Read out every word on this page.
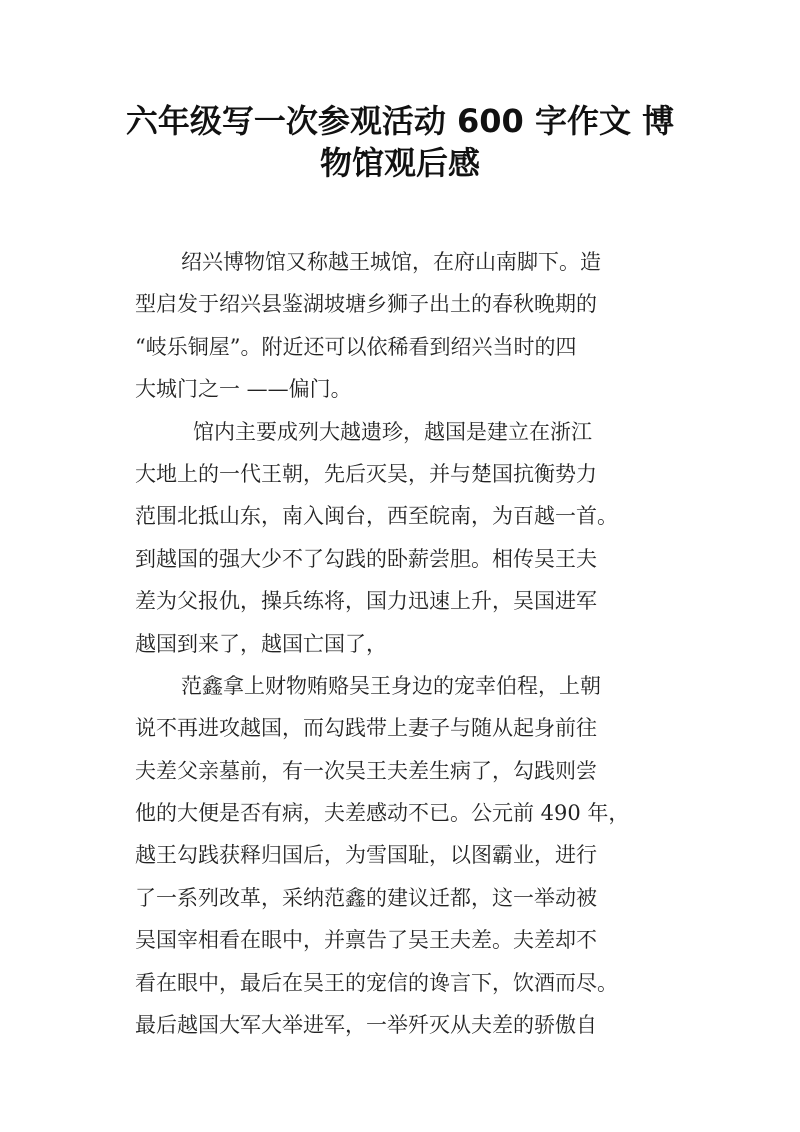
六年级写一次参观活动 600 字作文 博
物馆观后感

绍兴博物馆又称越王城馆，在府山南脚下。造
型启发于绍兴县鉴湖坡塘乡狮子出土的春秋晚期的
“岐乐铜屋”。附近还可以依稀看到绍兴当时的四
大城门之一 ——偏门。

馆内主要成列大越遗珍，越国是建立在浙江
大地上的一代王朝，先后灭吴，并与楚国抗衡势力
范围北抵山东，南入闽台，西至皖南，为百越一首。
到越国的强大少不了勾践的卧薪尝胆。相传吴王夫
差为父报仇，操兵练将，国力迅速上升，吴国进军
越国到来了，越国亡国了，

范鑫拿上财物贿赂吴王身边的宠幸伯程，上朝
说不再进攻越国，而勾践带上妻子与随从起身前往
夫差父亲墓前，有一次吴王夫差生病了，勾践则尝
他的大便是否有病，夫差感动不已。公元前 490 年，
越王勾践获释归国后，为雪国耻，以图霸业，进行
了一系列改革，采纳范鑫的建议迁都，这一举动被
吴国宰相看在眼中，并禀告了吴王夫差。夫差却不
看在眼中，最后在吴王的宠信的谗言下，饮酒而尽。
最后越国大军大举进军，一举歼灭从夫差的骄傲自
